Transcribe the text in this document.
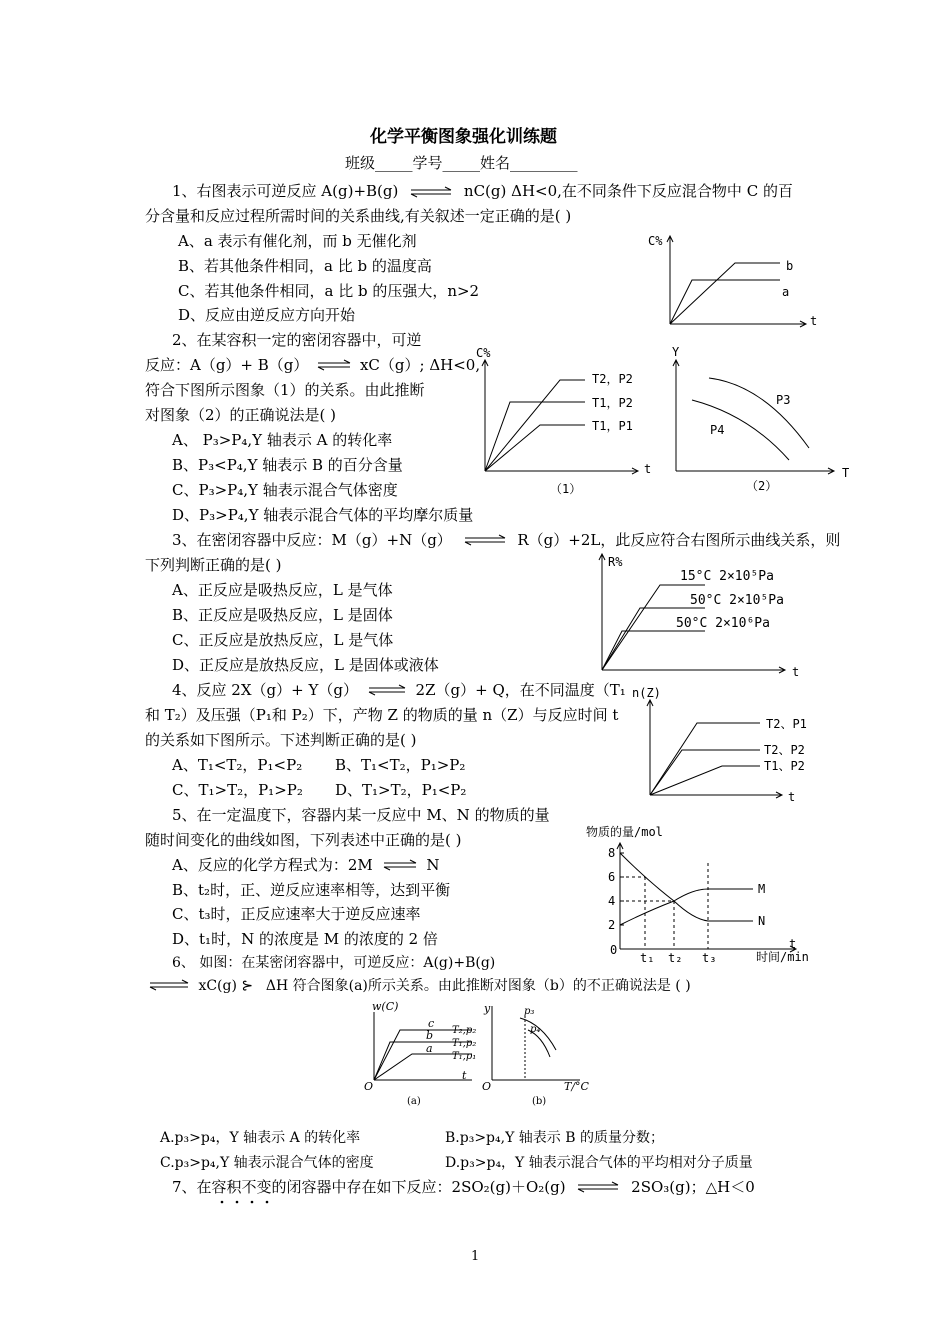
化学平衡图象强化训练题
班级_____学号_____姓名_________
1、右图表示可逆反应 A(g)+B(g) ⇌ nC(g) ΔH<0,在不同条件下反应混合物中 C 的百
分含量和反应过程所需时间的关系曲线,有关叙述一定正确的是( )
A、a 表示有催化剂，而 b 无催化剂
B、若其他条件相同，a 比 b 的温度高
C、若其他条件相同，a 比 b 的压强大，n>2
D、反应由逆反应方向开始
C%
t
b
a
2、在某容积一定的密闭容器中，可逆
反应：A（g）+ B（g） ⇌ xC（g）; ΔH<0,
符合下图所示图象（1）的关系。由此推断
对图象（2）的正确说法是( )
A、 P₃>P₄,Y 轴表示 A 的转化率
B、P₃<P₄,Y 轴表示 B 的百分含量
C、P₃>P₄,Y 轴表示混合气体密度
D、P₃>P₄,Y 轴表示混合气体的平均摩尔质量
C%
t
T2，P2
T1，P2
T1，P1
（1）
Y
T
P3
P4
（2）
3、在密闭容器中反应：M（g）+N（g） ⇌ R（g）+2L，此反应符合右图所示曲线关系，则
下列判断正确的是( )
A、正反应是吸热反应，L 是气体
B、正反应是吸热反应，L 是固体
C、正反应是放热反应，L 是气体
D、正反应是放热反应，L 是固体或液体
R%
t
15°C 2×10⁵Pa
50°C 2×10⁵Pa
50°C 2×10⁶Pa
4、反应 2X（g）+ Y（g） ⇌ 2Z（g）+ Q，在不同温度（T₁
和 T₂）及压强（P₁和 P₂）下，产物 Z 的物质的量 n（Z）与反应时间 t
的关系如下图所示。下述判断正确的是( )
A、T₁<T₂，P₁<P₂ B、T₁<T₂，P₁>P₂
C、T₁>T₂，P₁>P₂ D、T₁>T₂，P₁<P₂
n(Z)
t
T2、P1
T2、P2
T1、P2
5、在一定温度下，容器内某一反应中 M、N 的物质的量
随时间变化的曲线如图，下列表述中正确的是( )
A、反应的化学方程式为：2M ⇌ N
B、t₂时，正、逆反应速率相等，达到平衡
C、t₃时，正反应速率大于逆反应速率
D、t₁时，N 的浓度是 M 的浓度的 2 倍
物质的量/mol
8
6
4
2
0
t₁ t₂ t₃
t
时间/min
M
N
6、 如图：在某密闭容器中，可逆反应：A(g)+B(g)
⇌ xC(g) ⊱ ΔH 符合图象(a)所示关系。由此推断对图象（b）的不正确说法是 ( )
w(C)
t
O
c
b
a
T₂,p₂
T₁,p₂
T₁,p₁
(a)
y
O	T/°C
p₃
p₄
(b)
A.p₃>p₄，Y 轴表示 A 的转化率	B.p₃>p₄,Y 轴表示 B 的质量分数；
C.p₃>p₄,Y 轴表示混合气体的密度	D.p₃>p₄，Y 轴表示混合气体的平均相对分子质量
7、在容积不变的闭容器中存在如下反应：2SO₂(g)＋O₂(g) ⇌ 2SO₃(g)；△H＜0
1
